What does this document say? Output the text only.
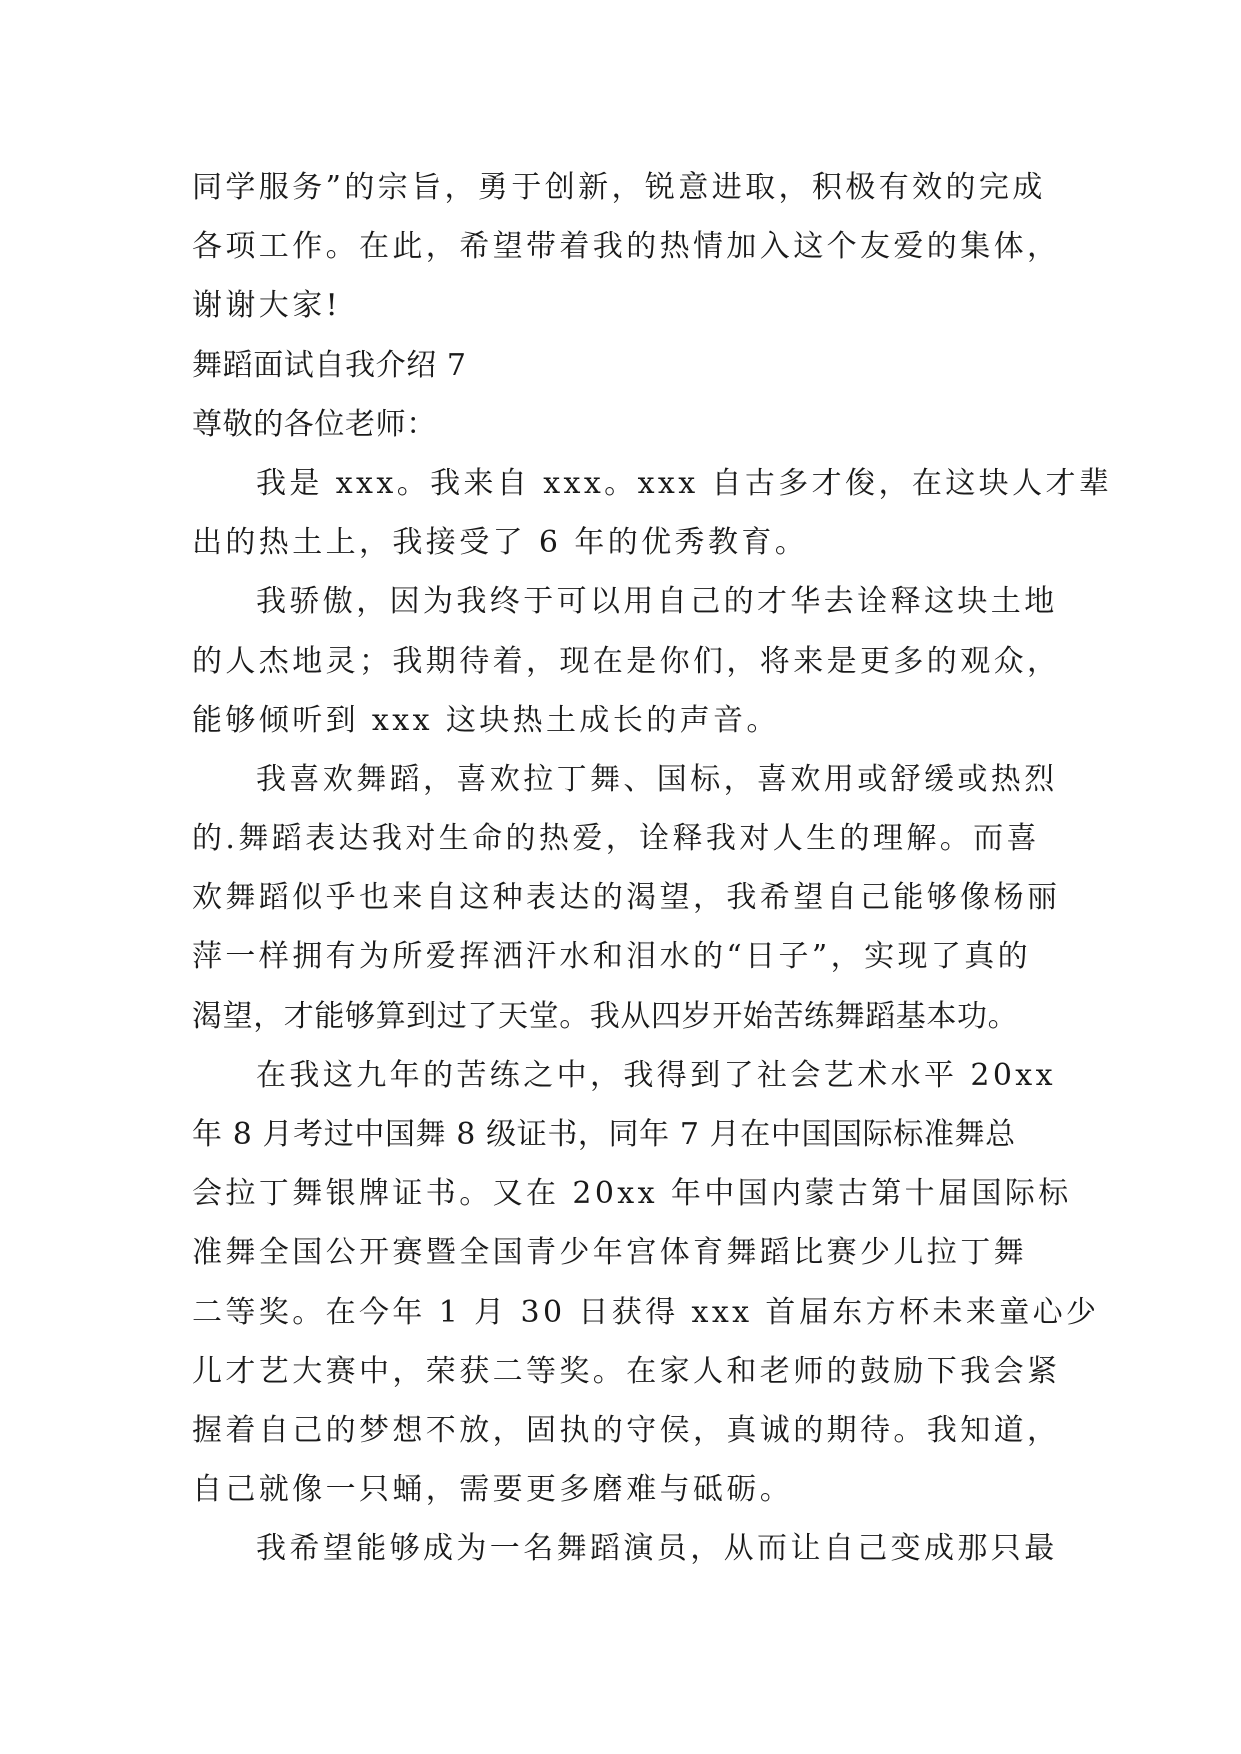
同学服务”的宗旨，勇于创新，锐意进取，积极有效的完成
各项工作。在此，希望带着我的热情加入这个友爱的集体，
谢谢大家!
舞蹈面试自我介绍 7
尊敬的各位老师：
我是 xxx。我来自 xxx。xxx 自古多才俊，在这块人才辈
出的热土上，我接受了 6 年的优秀教育。
我骄傲，因为我终于可以用自己的才华去诠释这块土地
的人杰地灵；我期待着，现在是你们，将来是更多的观众，
能够倾听到 xxx 这块热土成长的声音。
我喜欢舞蹈，喜欢拉丁舞、国标，喜欢用或舒缓或热烈
的.舞蹈表达我对生命的热爱，诠释我对人生的理解。而喜
欢舞蹈似乎也来自这种表达的渴望，我希望自己能够像杨丽
萍一样拥有为所爱挥洒汗水和泪水的“日子”，实现了真的
渴望，才能够算到过了天堂。我从四岁开始苦练舞蹈基本功。
在我这九年的苦练之中，我得到了社会艺术水平 20xx
年 8 月考过中国舞 8 级证书，同年 7 月在中国国际标准舞总
会拉丁舞银牌证书。又在 20xx 年中国内蒙古第十届国际标
准舞全国公开赛暨全国青少年宫体育舞蹈比赛少儿拉丁舞
二等奖。在今年 1 月 30 日获得 xxx 首届东方杯未来童心少
儿才艺大赛中，荣获二等奖。在家人和老师的鼓励下我会紧
握着自己的梦想不放，固执的守侯，真诚的期待。我知道，
自己就像一只蛹，需要更多磨难与砥砺。
我希望能够成为一名舞蹈演员，从而让自己变成那只最
